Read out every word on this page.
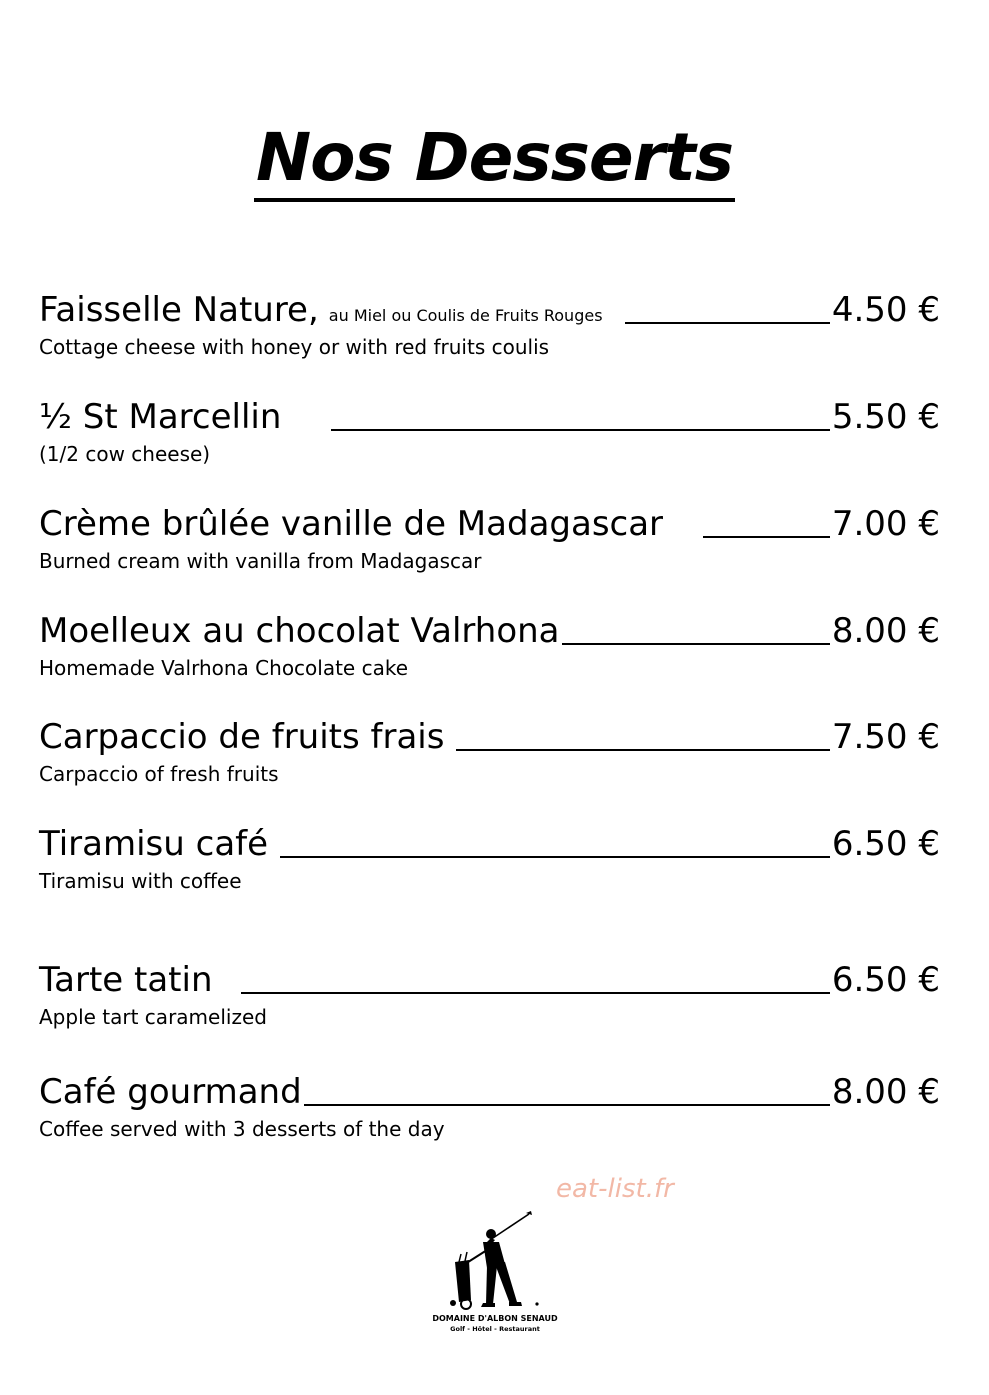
Nos Desserts
Faisselle Nature, au Miel ou Coulis de Fruits Rouges	4.50 €
Cottage cheese with honey or with red fruits coulis
½ St Marcellin	5.50 €
(1/2 cow cheese)
Crème brûlée vanille de Madagascar	7.00 €
Burned cream with vanilla from Madagascar
Moelleux au chocolat Valrhona	8.00 €
Homemade Valrhona Chocolate cake
Carpaccio de fruits frais	7.50 €
Carpaccio of fresh fruits
Tiramisu café	6.50 €
Tiramisu with coffee
Tarte tatin	6.50 €
Apple tart caramelized
Café gourmand	8.00 €
Coffee served with 3 desserts of the day
eat-list.fr
DOMAINE D'ALBON SENAUD
Golf - Hôtel - Restaurant
